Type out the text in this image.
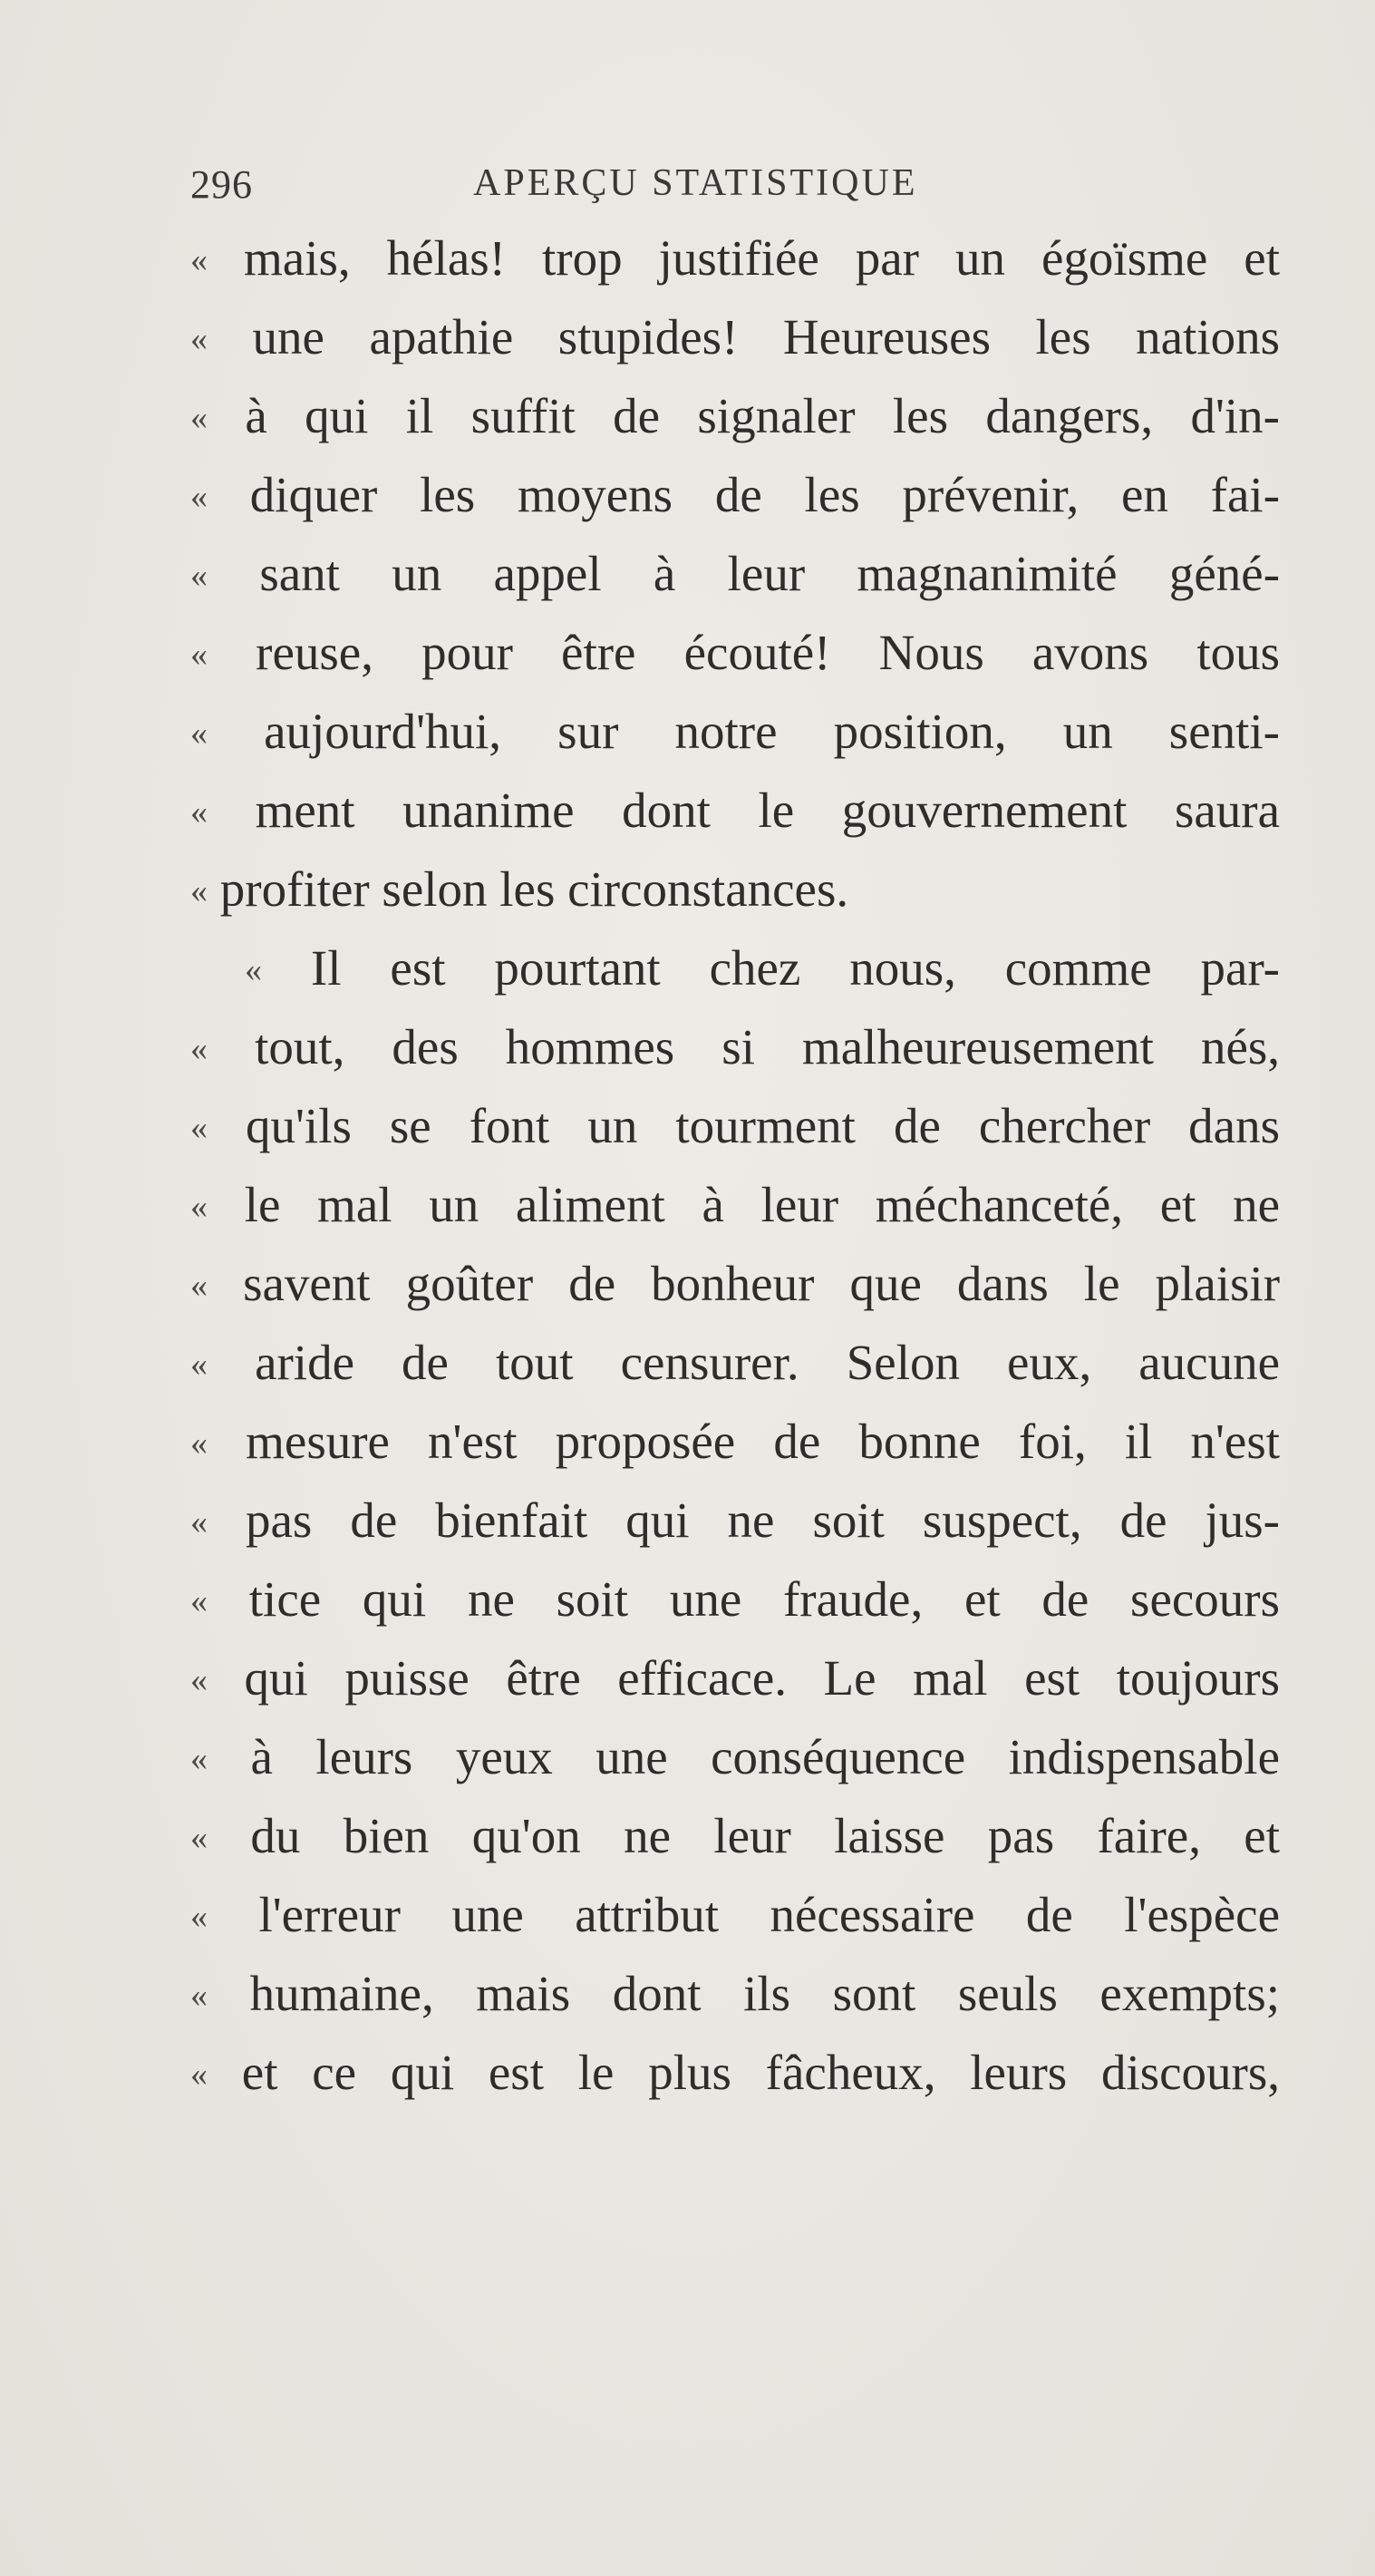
296	APERÇU STATISTIQUE
« mais, hélas! trop justifiée par un égoïsme et
« une apathie stupides! Heureuses les nations
« à qui il suffit de signaler les dangers, d'in-
« diquer les moyens de les prévenir, en fai-
« sant un appel à leur magnanimité géné-
« reuse, pour être écouté! Nous avons tous
« aujourd'hui, sur notre position, un senti-
« ment unanime dont le gouvernement saura
« profiter selon les circonstances.
« Il est pourtant chez nous, comme par-
« tout, des hommes si malheureusement nés,
« qu'ils se font un tourment de chercher dans
« le mal un aliment à leur méchanceté, et ne
« savent goûter de bonheur que dans le plaisir
« aride de tout censurer. Selon eux, aucune
« mesure n'est proposée de bonne foi, il n'est
« pas de bienfait qui ne soit suspect, de jus-
« tice qui ne soit une fraude, et de secours
« qui puisse être efficace. Le mal est toujours
« à leurs yeux une conséquence indispensable
« du bien qu'on ne leur laisse pas faire, et
« l'erreur une attribut nécessaire de l'espèce
« humaine, mais dont ils sont seuls exempts;
« et ce qui est le plus fâcheux, leurs discours,
